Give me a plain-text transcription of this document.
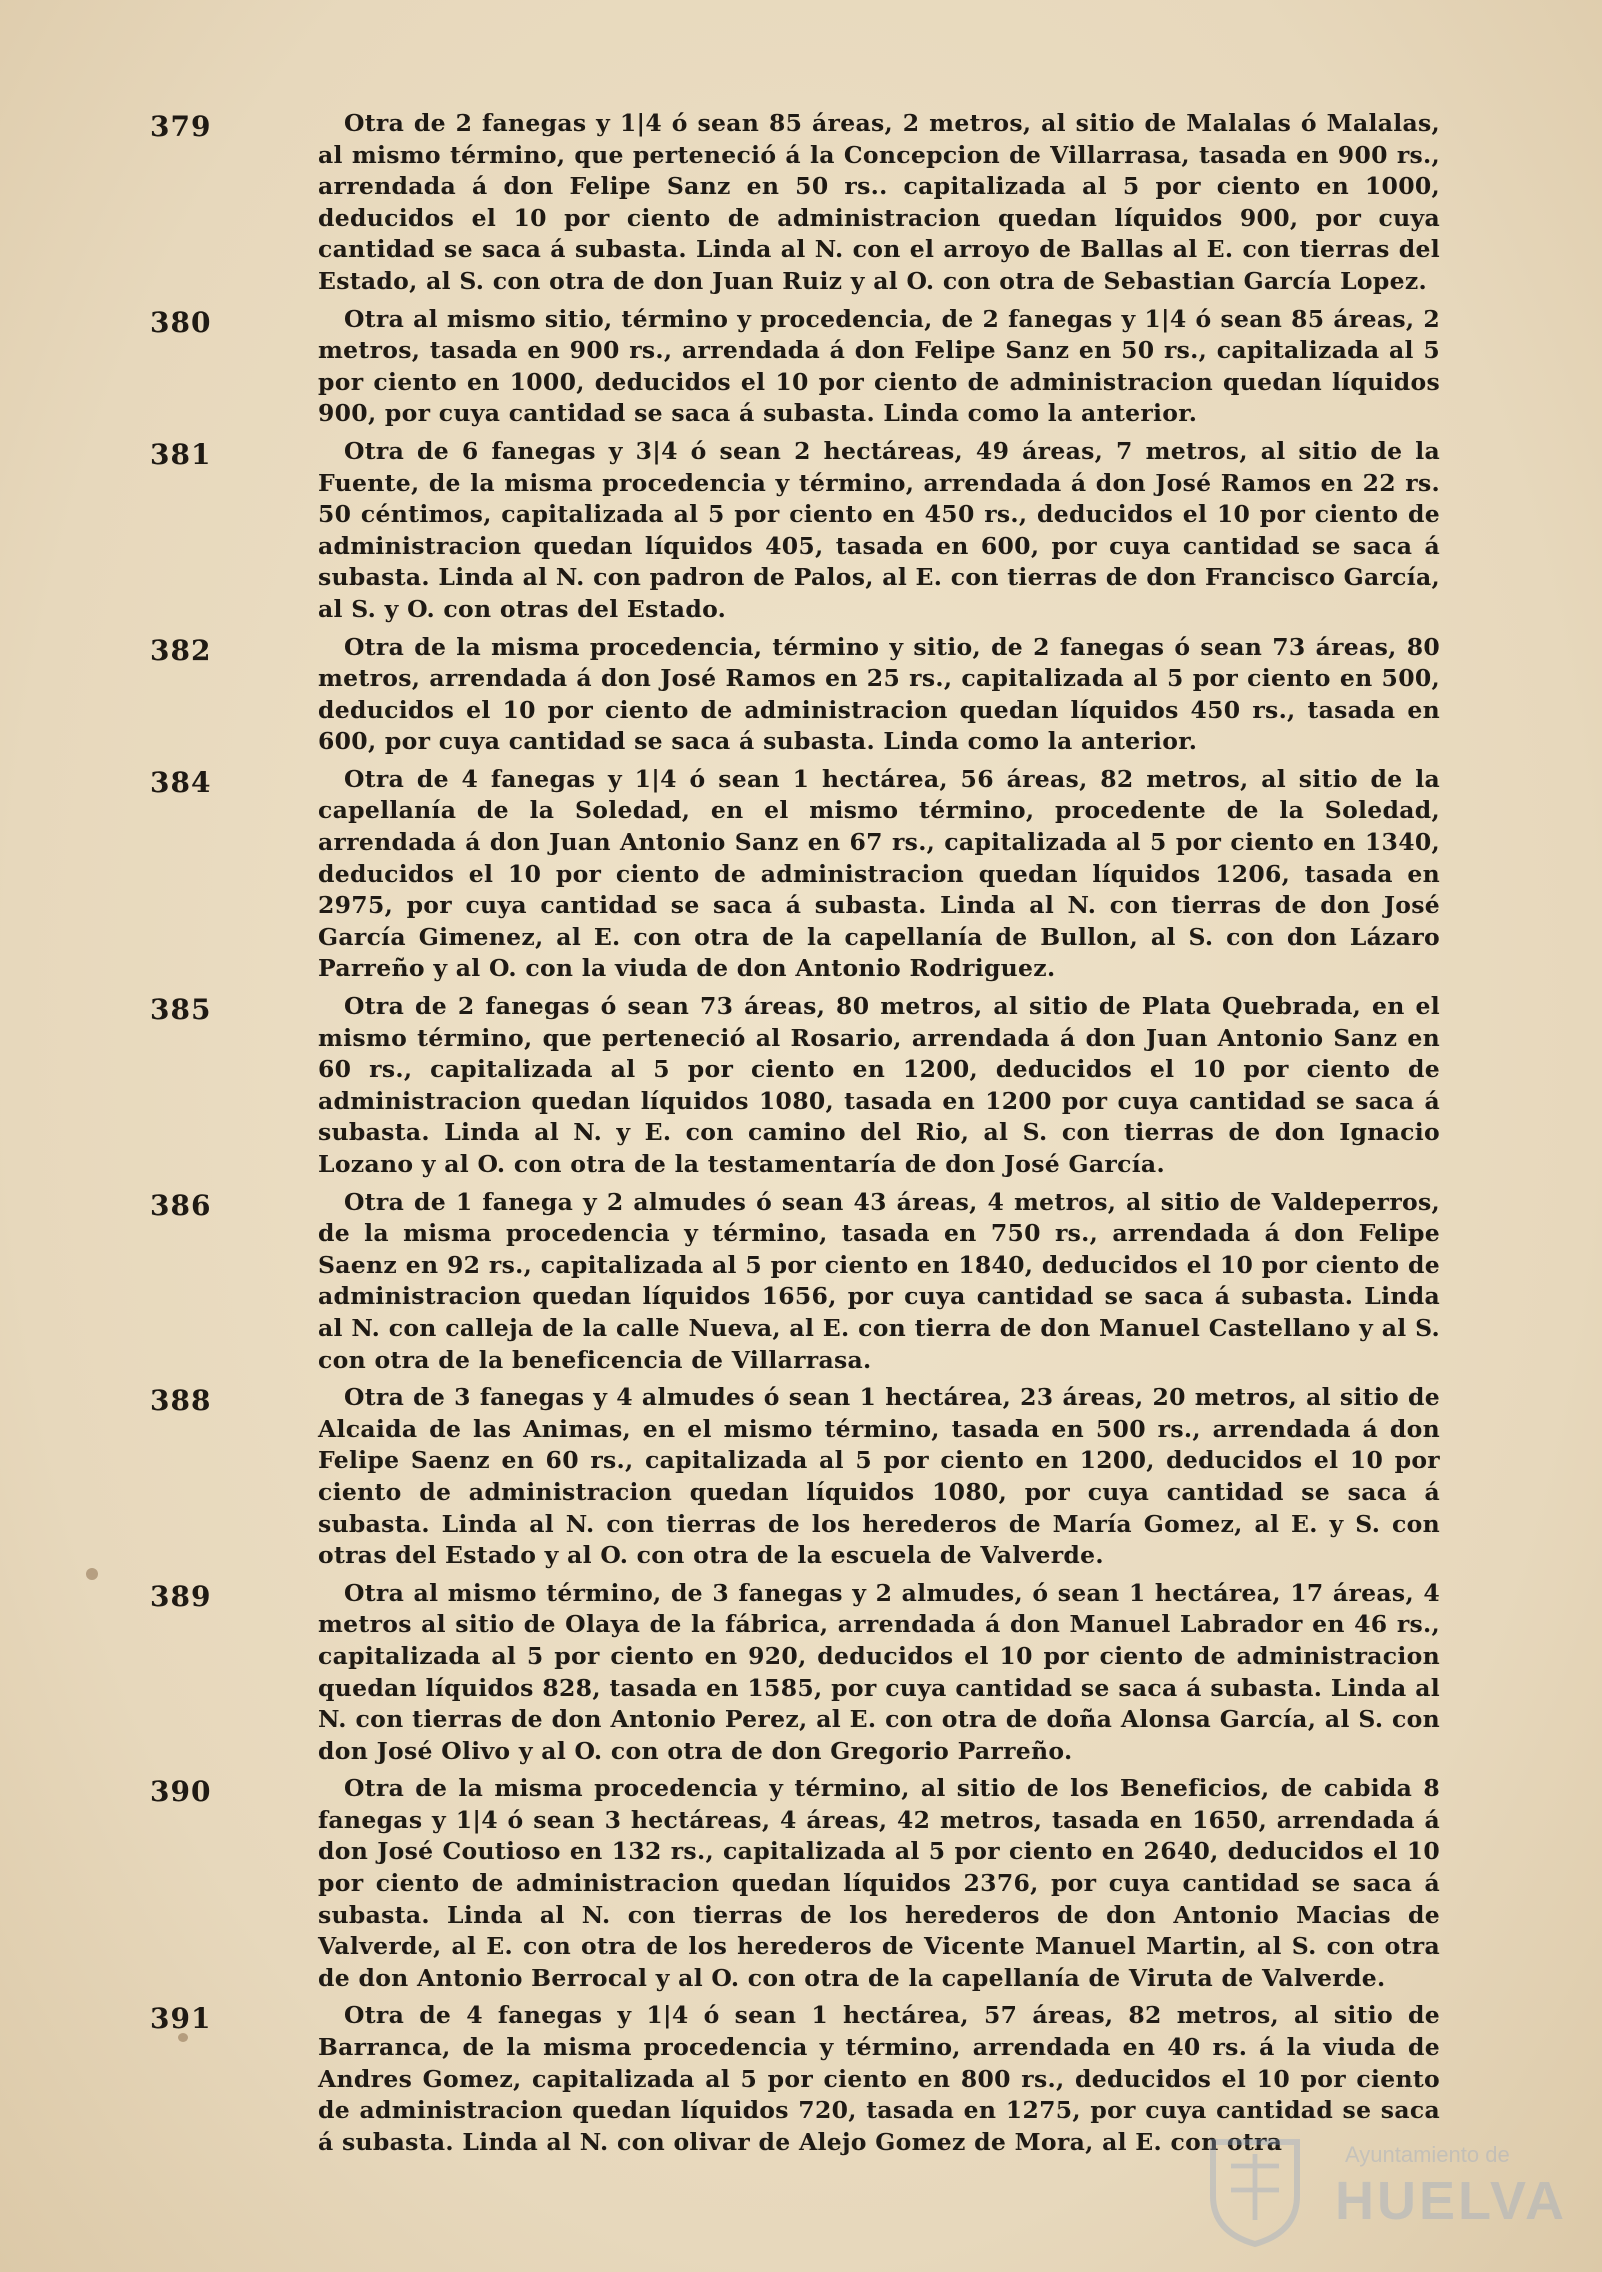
379	Otra de 2 fanegas y 1|4 ó sean 85 áreas, 2 metros, al sitio de Malalas ó Malalas, al mismo término, que perteneció á la Concepcion de Villarrasa, tasada en 900 rs., arrendada á don Felipe Sanz en 50 rs.. capitalizada al 5 por ciento en 1000, deducidos el 10 por ciento de administracion quedan líquidos 900, por cuya cantidad se saca á subasta. Linda al N. con el arroyo de Ballas al E. con tierras del Estado, al S. con otra de don Juan Ruiz y al O. con otra de Sebastian García Lopez.
380	Otra al mismo sitio, término y procedencia, de 2 fanegas y 1|4 ó sean 85 áreas, 2 metros, tasada en 900 rs., arrendada á don Felipe Sanz en 50 rs., capitalizada al 5 por ciento en 1000, deducidos el 10 por ciento de administracion quedan líquidos 900, por cuya cantidad se saca á subasta. Linda como la anterior.
381	Otra de 6 fanegas y 3|4 ó sean 2 hectáreas, 49 áreas, 7 metros, al sitio de la Fuente, de la misma procedencia y término, arrendada á don José Ramos en 22 rs. 50 céntimos, capitalizada al 5 por ciento en 450 rs., deducidos el 10 por ciento de administracion quedan líquidos 405, tasada en 600, por cuya cantidad se saca á subasta. Linda al N. con padron de Palos, al E. con tierras de don Francisco García, al S. y O. con otras del Estado.
382	Otra de la misma procedencia, término y sitio, de 2 fanegas ó sean 73 áreas, 80 metros, arrendada á don José Ramos en 25 rs., capitalizada al 5 por ciento en 500, deducidos el 10 por ciento de administracion quedan líquidos 450 rs., tasada en 600, por cuya cantidad se saca á subasta. Linda como la anterior.
384	Otra de 4 fanegas y 1|4 ó sean 1 hectárea, 56 áreas, 82 metros, al sitio de la capellanía de la Soledad, en el mismo término, procedente de la Soledad, arrendada á don Juan Antonio Sanz en 67 rs., capitalizada al 5 por ciento en 1340, deducidos el 10 por ciento de administracion quedan líquidos 1206, tasada en 2975, por cuya cantidad se saca á subasta. Linda al N. con tierras de don José García Gimenez, al E. con otra de la capellanía de Bullon, al S. con don Lázaro Parreño y al O. con la viuda de don Antonio Rodriguez.
385	Otra de 2 fanegas ó sean 73 áreas, 80 metros, al sitio de Plata Quebrada, en el mismo término, que perteneció al Rosario, arrendada á don Juan Antonio Sanz en 60 rs., capitalizada al 5 por ciento en 1200, deducidos el 10 por ciento de administracion quedan líquidos 1080, tasada en 1200 por cuya cantidad se saca á subasta. Linda al N. y E. con camino del Rio, al S. con tierras de don Ignacio Lozano y al O. con otra de la testamentaría de don José García.
386	Otra de 1 fanega y 2 almudes ó sean 43 áreas, 4 metros, al sitio de Valdeperros, de la misma procedencia y término, tasada en 750 rs., arrendada á don Felipe Saenz en 92 rs., capitalizada al 5 por ciento en 1840, deducidos el 10 por ciento de administracion quedan líquidos 1656, por cuya cantidad se saca á subasta. Linda al N. con calleja de la calle Nueva, al E. con tierra de don Manuel Castellano y al S. con otra de la beneficencia de Villarrasa.
388	Otra de 3 fanegas y 4 almudes ó sean 1 hectárea, 23 áreas, 20 metros, al sitio de Alcaida de las Animas, en el mismo término, tasada en 500 rs., arrendada á don Felipe Saenz en 60 rs., capitalizada al 5 por ciento en 1200, deducidos el 10 por ciento de administracion quedan líquidos 1080, por cuya cantidad se saca á subasta. Linda al N. con tierras de los herederos de María Gomez, al E. y S. con otras del Estado y al O. con otra de la escuela de Valverde.
389	Otra al mismo término, de 3 fanegas y 2 almudes, ó sean 1 hectárea, 17 áreas, 4 metros al sitio de Olaya de la fábrica, arrendada á don Manuel Labrador en 46 rs., capitalizada al 5 por ciento en 920, deducidos el 10 por ciento de administracion quedan líquidos 828, tasada en 1585, por cuya cantidad se saca á subasta. Linda al N. con tierras de don Antonio Perez, al E. con otra de doña Alonsa García, al S. con don José Olivo y al O. con otra de don Gregorio Parreño.
390	Otra de la misma procedencia y término, al sitio de los Beneficios, de cabida 8 fanegas y 1|4 ó sean 3 hectáreas, 4 áreas, 42 metros, tasada en 1650, arrendada á don José Coutioso en 132 rs., capitalizada al 5 por ciento en 2640, deducidos el 10 por ciento de administracion quedan líquidos 2376, por cuya cantidad se saca á subasta. Linda al N. con tierras de los herederos de don Antonio Macias de Valverde, al E. con otra de los herederos de Vicente Manuel Martin, al S. con otra de don Antonio Berrocal y al O. con otra de la capellanía de Viruta de Valverde.
391	Otra de 4 fanegas y 1|4 ó sean 1 hectárea, 57 áreas, 82 metros, al sitio de Barranca, de la misma procedencia y término, arrendada en 40 rs. á la viuda de Andres Gomez, capitalizada al 5 por ciento en 800 rs., deducidos el 10 por ciento de administracion quedan líquidos 720, tasada en 1275, por cuya cantidad se saca á subasta. Linda al N. con olivar de Alejo Gomez de Mora, al E. con otra	Ayuntamiento de
HUELVA
